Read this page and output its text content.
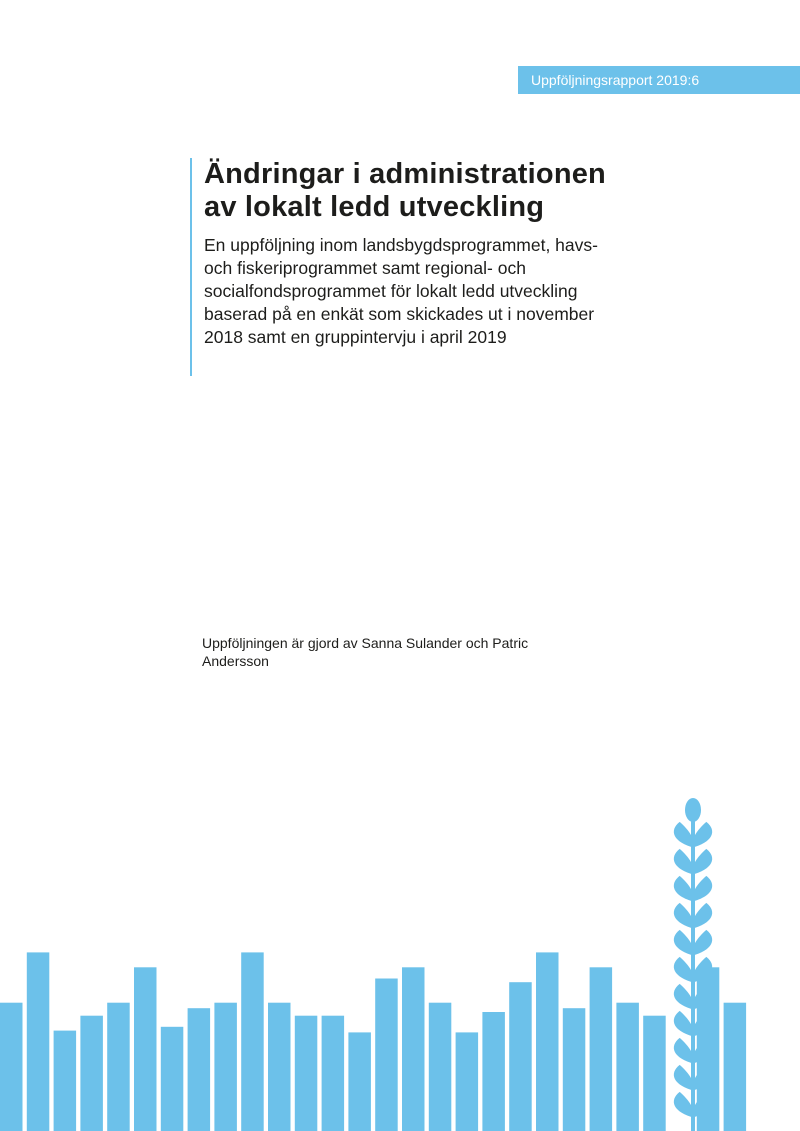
Uppföljningsrapport 2019:6
Ändringar i administrationen
av lokalt ledd utveckling

En uppföljning inom landsbygdsprogrammet, havs-
och fiskeriprogrammet samt regional- och
socialfondsprogrammet för lokalt ledd utveckling
baserad på en enkät som skickades ut i november
2018 samt en gruppintervju i april 2019

Uppföljningen är gjord av Sanna Sulander och Patric
Andersson
